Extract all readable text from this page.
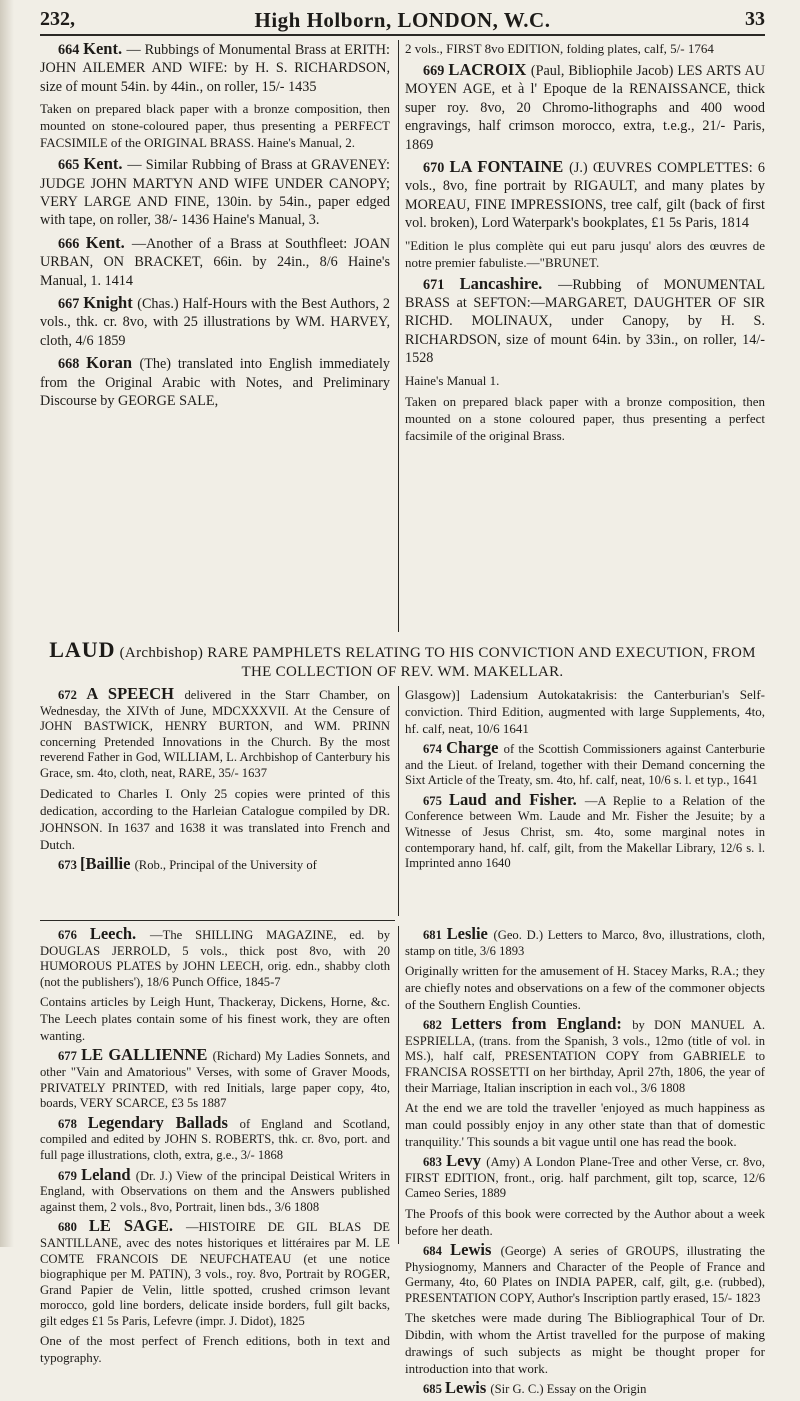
232,	High Holborn, LONDON, W.C.	33

664 Kent. — Rubbings of Monumental Brass at ERITH: JOHN AILEMER AND WIFE: by H. S. RICHARDSON, size of mount 54in. by 44in., on roller, 15/- 1435

Taken on prepared black paper with a bronze composition, then mounted on stone-coloured paper, thus presenting a PERFECT FACSIMILE of the ORIGINAL BRASS. Haine's Manual, 2.

665 Kent. — Similar Rubbing of Brass at GRAVENEY: JUDGE JOHN MARTYN AND WIFE UNDER CANOPY; VERY LARGE AND FINE, 130in. by 54in., paper edged with tape, on roller, 38/- 1436 Haine's Manual, 3.

666 Kent. —Another of a Brass at Southfleet: JOAN URBAN, ON BRACKET, 66in. by 24in., 8/6 Haine's Manual, 1. 1414

667 Knight (Chas.) Half-Hours with the Best Authors, 2 vols., thk. cr. 8vo, with 25 illustrations by WM. HARVEY, cloth, 4/6 1859

668 Koran (The) translated into English immediately from the Original Arabic with Notes, and Preliminary Discourse by GEORGE SALE,

2 vols., FIRST 8vo EDITION, folding plates, calf, 5/- 1764

669 LACROIX (Paul, Bibliophile Jacob) LES ARTS AU MOYEN AGE, et à l' Epoque de la RENAISSANCE, thick super roy. 8vo, 20 Chromo-lithographs and 400 wood engravings, half crimson morocco, extra, t.e.g., 21/- Paris, 1869

670 LA FONTAINE (J.) ŒUVRES COMPLETTES: 6 vols., 8vo, fine portrait by RIGAULT, and many plates by MOREAU, FINE IMPRESSIONS, tree calf, gilt (back of first vol. broken), Lord Waterpark's bookplates, £1 5s Paris, 1814

"Edition le plus complète qui eut paru jusqu' alors des œuvres de notre premier fabuliste.—"BRUNET.

671 Lancashire. —Rubbing of MONUMENTAL BRASS at SEFTON:—MARGARET, DAUGHTER OF SIR RICHD. MOLINAUX, under Canopy, by H. S. RICHARDSON, size of mount 64in. by 33in., on roller, 14/- 1528

Haine's Manual 1.

Taken on prepared black paper with a bronze composition, then mounted on a stone coloured paper, thus presenting a perfect facsimile of the original Brass.

LAUD (Archbishop) RARE PAMPHLETS RELATING TO HIS CONVICTION AND EXECUTION, FROM THE COLLECTION OF REV. WM. MAKELLAR.

672 A SPEECH delivered in the Starr Chamber, on Wednesday, the XIVth of June, MDCXXXVII. At the Censure of JOHN BASTWICK, HENRY BURTON, and WM. PRINN concerning Pretended Innovations in the Church. By the most reverend Father in God, WILLIAM, L. Archbishop of Canterbury his Grace, sm. 4to, cloth, neat, RARE, 35/- 1637

Dedicated to Charles I. Only 25 copies were printed of this dedication, according to the Harleian Catalogue compiled by DR. JOHNSON. In 1637 and 1638 it was translated into French and Dutch.

673 [Baillie (Rob., Principal of the University of

Glasgow)] Ladensium Autokatakrisis: the Canterburian's Self-conviction. Third Edition, augmented with large Supplements, 4to, hf. calf, neat, 10/6 1641

674 Charge of the Scottish Commissioners against Canterburie and the Lieut. of Ireland, together with their Demand concerning the Sixt Article of the Treaty, sm. 4to, hf. calf, neat, 10/6 s. l. et typ., 1641

675 Laud and Fisher. —A Replie to a Relation of the Conference between Wm. Laude and Mr. Fisher the Jesuite; by a Witnesse of Jesus Christ, sm. 4to, some marginal notes in contemporary hand, hf. calf, gilt, from the Makellar Library, 12/6 s. l. Imprinted anno 1640

676 Leech. —The SHILLING MAGAZINE, ed. by DOUGLAS JERROLD, 5 vols., thick post 8vo, with 20 HUMOROUS PLATES by JOHN LEECH, orig. edn., shabby cloth (not the publishers'), 18/6 Punch Office, 1845-7

Contains articles by Leigh Hunt, Thackeray, Dickens, Horne, &c. The Leech plates contain some of his finest work, they are often wanting.

677 LE GALLIENNE (Richard) My Ladies Sonnets, and other "Vain and Amatorious" Verses, with some of Graver Moods, PRIVATELY PRINTED, with red Initials, large paper copy, 4to, boards, VERY SCARCE, £3 5s 1887

678 Legendary Ballads of England and Scotland, compiled and edited by JOHN S. ROBERTS, thk. cr. 8vo, port. and full page illustrations, cloth, extra, g.e., 3/- 1868

679 Leland (Dr. J.) View of the principal Deistical Writers in England, with Observations on them and the Answers published against them, 2 vols., 8vo, Portrait, linen bds., 3/6 1808

680 LE SAGE. —HISTOIRE DE GIL BLAS DE SANTILLANE, avec des notes historiques et littéraires par M. LE COMTE FRANCOIS DE NEUFCHATEAU (et une notice biographique per M. PATIN), 3 vols., roy. 8vo, Portrait by ROGER, Grand Papier de Velin, little spotted, crushed crimson levant morocco, gold line borders, delicate inside borders, full gilt backs, gilt edges £1 5s Paris, Lefevre (impr. J. Didot), 1825

One of the most perfect of French editions, both in text and typography.

681 Leslie (Geo. D.) Letters to Marco, 8vo, illustrations, cloth, stamp on title, 3/6 1893

Originally written for the amusement of H. Stacey Marks, R.A.; they are chiefly notes and observations on a few of the commoner objects of the Southern English Counties.

682 Letters from England: by DON MANUEL A. ESPRIELLA, (trans. from the Spanish, 3 vols., 12mo (title of vol. in MS.), half calf, PRESENTATION COPY from GABRIELE to FRANCISA ROSSETTI on her birthday, April 27th, 1806, the year of their Marriage, Italian inscription in each vol., 3/6 1808

At the end we are told the traveller 'enjoyed as much happiness as man could possibly enjoy in any other state than that of domestic tranquility.' This sounds a bit vague until one has read the book.

683 Levy (Amy) A London Plane-Tree and other Verse, cr. 8vo, FIRST EDITION, front., orig. half parchment, gilt top, scarce, 12/6 Cameo Series, 1889

The Proofs of this book were corrected by the Author about a week before her death.

684 Lewis (George) A series of GROUPS, illustrating the Physiognomy, Manners and Character of the People of France and Germany, 4to, 60 Plates on INDIA PAPER, calf, gilt, g.e. (rubbed), PRESENTATION COPY, Author's Inscription partly erased, 15/- 1823

The sketches were made during The Bibliographical Tour of Dr. Dibdin, with whom the Artist travelled for the purpose of making drawings of such subjects as might be thought proper for introduction into that work.

685 Lewis (Sir G. C.) Essay on the Origin
